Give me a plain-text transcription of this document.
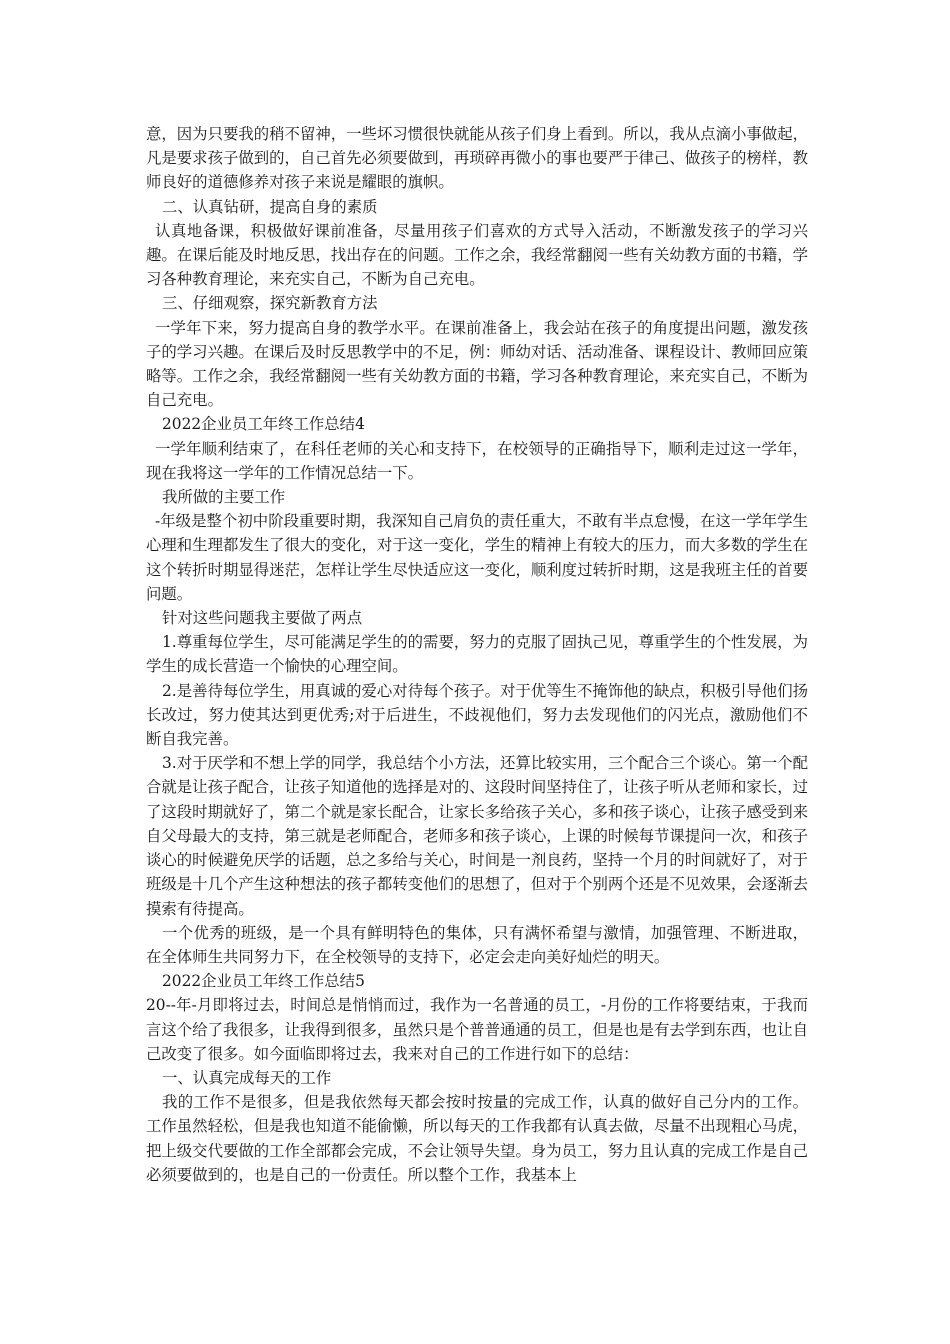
意，因为只要我的稍不留神，一些坏习惯很快就能从孩子们身上看到。所以，我从点滴小事做起，凡是要求孩子做到的，自己首先必须要做到，再琐碎再微小的事也要严于律己、做孩子的榜样，教师良好的道德修养对孩子来说是耀眼的旗帜。

二、认真钻研，提高自身的素质

认真地备课，积极做好课前准备，尽量用孩子们喜欢的方式导入活动，不断激发孩子的学习兴趣。在课后能及时地反思，找出存在的问题。工作之余，我经常翻阅一些有关幼教方面的书籍，学习各种教育理论，来充实自己，不断为自己充电。

三、仔细观察，探究新教育方法

一学年下来，努力提高自身的教学水平。在课前准备上，我会站在孩子的角度提出问题，激发孩子的学习兴趣。在课后及时反思教学中的不足，例：师幼对话、活动准备、课程设计、教师回应策略等。工作之余，我经常翻阅一些有关幼教方面的书籍，学习各种教育理论，来充实自己，不断为自己充电。

2022企业员工年终工作总结4

一学年顺利结束了，在科任老师的关心和支持下，在校领导的正确指导下，顺利走过这一学年，现在我将这一学年的工作情况总结一下。

我所做的主要工作

-年级是整个初中阶段重要时期，我深知自己肩负的责任重大，不敢有半点怠慢，在这一学年学生心理和生理都发生了很大的变化，对于这一变化，学生的精神上有较大的压力，而大多数的学生在这个转折时期显得迷茫，怎样让学生尽快适应这一变化，顺利度过转折时期，这是我班主任的首要问题。

针对这些问题我主要做了两点

1.尊重每位学生，尽可能满足学生的的需要，努力的克服了固执己见，尊重学生的个性发展，为学生的成长营造一个愉快的心理空间。

2.是善待每位学生，用真诚的爱心对待每个孩子。对于优等生不掩饰他的缺点，积极引导他们扬长改过，努力使其达到更优秀;对于后进生，不歧视他们，努力去发现他们的闪光点，激励他们不断自我完善。

3.对于厌学和不想上学的同学，我总结个小方法，还算比较实用，三个配合三个谈心。第一个配合就是让孩子配合，让孩子知道他的选择是对的、这段时间坚持住了，让孩子听从老师和家长，过了这段时期就好了，第二个就是家长配合，让家长多给孩子关心，多和孩子谈心，让孩子感受到来自父母最大的支持，第三就是老师配合，老师多和孩子谈心，上课的时候每节课提问一次，和孩子谈心的时候避免厌学的话题，总之多给与关心，时间是一剂良药，坚持一个月的时间就好了，对于班级是十几个产生这种想法的孩子都转变他们的思想了，但对于个别两个还是不见效果，会逐渐去摸索有待提高。

一个优秀的班级，是一个具有鲜明特色的集体，只有满怀希望与激情，加强管理、不断进取，在全体师生共同努力下，在全校领导的支持下，必定会走向美好灿烂的明天。

2022企业员工年终工作总结5

20--年-月即将过去，时间总是悄悄而过，我作为一名普通的员工，-月份的工作将要结束，于我而言这个给了我很多，让我得到很多，虽然只是个普普通通的员工，但是也是有去学到东西，也让自己改变了很多。如今面临即将过去，我来对自己的工作进行如下的总结：

一、认真完成每天的工作

我的工作不是很多，但是我依然每天都会按时按量的完成工作，认真的做好自己分内的工作。工作虽然轻松，但是我也知道不能偷懒，所以每天的工作我都有认真去做，尽量不出现粗心马虎，把上级交代要做的工作全部都会完成，不会让领导失望。身为员工，努力且认真的完成工作是自己必须要做到的，也是自己的一份责任。所以整个工作，我基本上
